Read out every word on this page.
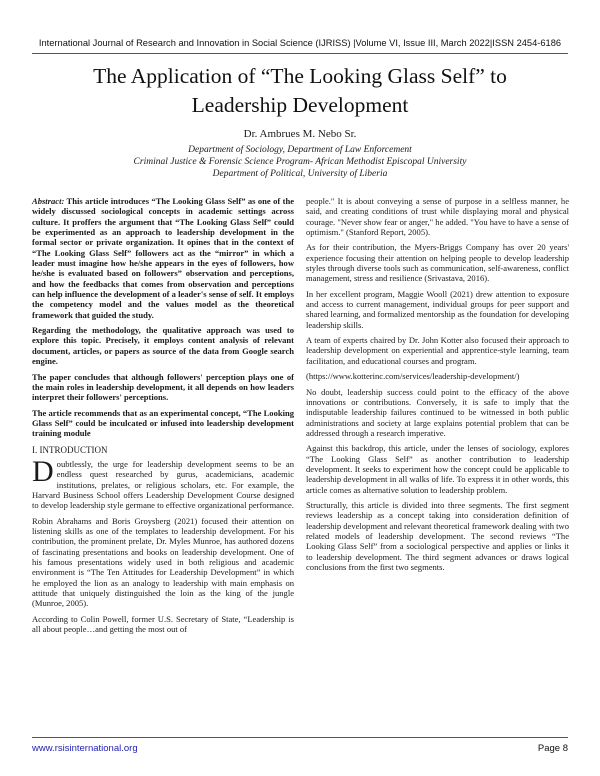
International Journal of Research and Innovation in Social Science (IJRISS) |Volume VI, Issue III, March 2022|ISSN 2454-6186
The Application of “The Looking Glass Self” to
Leadership Development
Dr. Ambrues M. Nebo Sr.
Department of Sociology, Department of Law Enforcement
Criminal Justice & Forensic Science Program- African Methodist Episcopal University
Department of Political, University of Liberia

Abstract: This article introduces “The Looking Glass Self” as one of the widely discussed sociological concepts in academic settings across culture. It proffers the argument that “The Looking Glass Self” could be experimented as an approach to leadership development in the formal sector or private organization. It opines that in the context of “The Looking Glass Self” followers act as the “mirror” in which a leader must imagine how he/she appears in the eyes of followers, how he/she is evaluated based on followers” observation and perceptions, and how the feedbacks that comes from observation and perceptions can help influence the development of a leader's sense of self. It employs the competency model and the values model as the theoretical framework that guided the study.

Regarding the methodology, the qualitative approach was used to explore this topic. Precisely, it employs content analysis of relevant document, articles, or papers as source of the data from Google search engine.

The paper concludes that although followers' perception plays one of the main roles in leadership development, it all depends on how leaders interpret their followers' perceptions.

The article recommends that as an experimental concept, “The Looking Glass Self” could be inculcated or infused into leadership development training module

I. INTRODUCTION

Doubtlessly, the urge for leadership development seems to be an endless quest researched by gurus, academicians, academic institutions, prelates, or religious scholars, etc. For example, the Harvard Business School offers Leadership Development Course designed to develop leadership style germane to effective organizational performance.

Robin Abrahams and Boris Groysberg (2021) focused their attention on listening skills as one of the templates to leadership development. For his contribution, the prominent prelate, Dr. Myles Munroe, has authored dozens of fascinating presentations and books on leadership development. One of his famous presentations widely used in both religious and academic environment is “The Ten Attitudes for Leadership Development” in which he employed the lion as an analogy to leadership with main emphasis on attitude that uniquely distinguished the loin as the king of the jungle (Munroe, 2005).

According to Colin Powell, former U.S. Secretary of State, “Leadership is all about people…and getting the most out of

people." It is about conveying a sense of purpose in a selfless manner, he said, and creating conditions of trust while displaying moral and physical courage. "Never show fear or anger," he added. "You have to have a sense of optimism." (Stanford Report, 2005).

As for their contribution, the Myers-Briggs Company has over 20 years' experience focusing their attention on helping people to develop leadership styles through diverse tools such as communication, self-awareness, conflict management, stress and resilience (Srivastava, 2016).

In her excellent program, Maggie Wooll (2021) drew attention to exposure and access to current management, individual groups for peer support and shared learning, and formalized mentorship as the foundation for developing leadership skills.

A team of experts chaired by Dr. John Kotter also focused their approach to leadership development on experiential and apprentice-style learning, team facilitation, and educational courses and program.

(https://www.kotterinc.com/services/leadership-development/)

No doubt, leadership success could point to the efficacy of the above innovations or contributions. Conversely, it is safe to imply that the indisputable leadership failures continued to be witnessed in both public administrations and society at large explains potential problem that can be addressed through a research imperative.

Against this backdrop, this article, under the lenses of sociology, explores “The Looking Glass Self” as another contribution to leadership development. It seeks to experiment how the concept could be applicable to leadership development in all walks of life. To express it in other words, this article comes as alternative solution to leadership problem.

Structurally, this article is divided into three segments. The first segment reviews leadership as a concept taking into consideration definition of leadership development and relevant theoretical framework dealing with two related models of leadership development. The second reviews “The Looking Glass Self” from a sociological perspective and applies or links it to leadership development. The third segment advances or draws logical conclusions from the first two segments.

www.rsisinternational.org	Page 8
